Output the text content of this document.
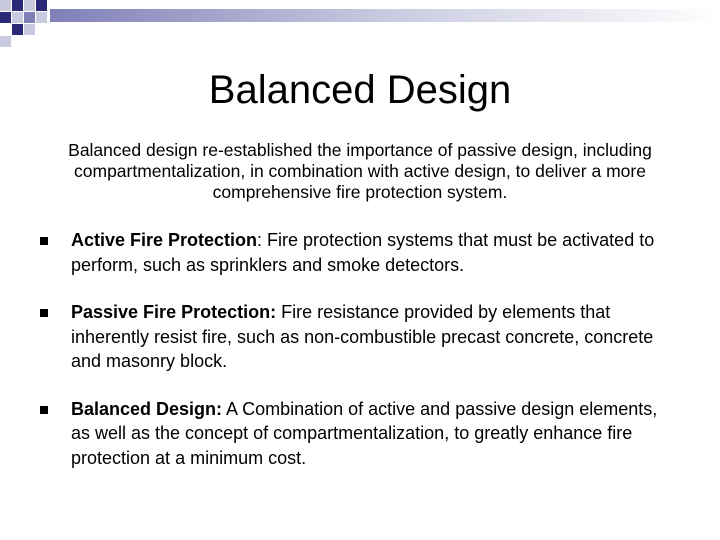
Balanced Design
Balanced design re-established the importance of passive design, including compartmentalization, in combination with active design, to deliver a more comprehensive fire protection system.
Active Fire Protection: Fire protection systems that must be activated to perform, such as sprinklers and smoke detectors.
Passive Fire Protection: Fire resistance provided by elements that inherently resist fire, such as non-combustible precast concrete, concrete and masonry block.
Balanced Design: A Combination of active and passive design elements, as well as the concept of compartmentalization, to greatly enhance fire protection at a minimum cost.
